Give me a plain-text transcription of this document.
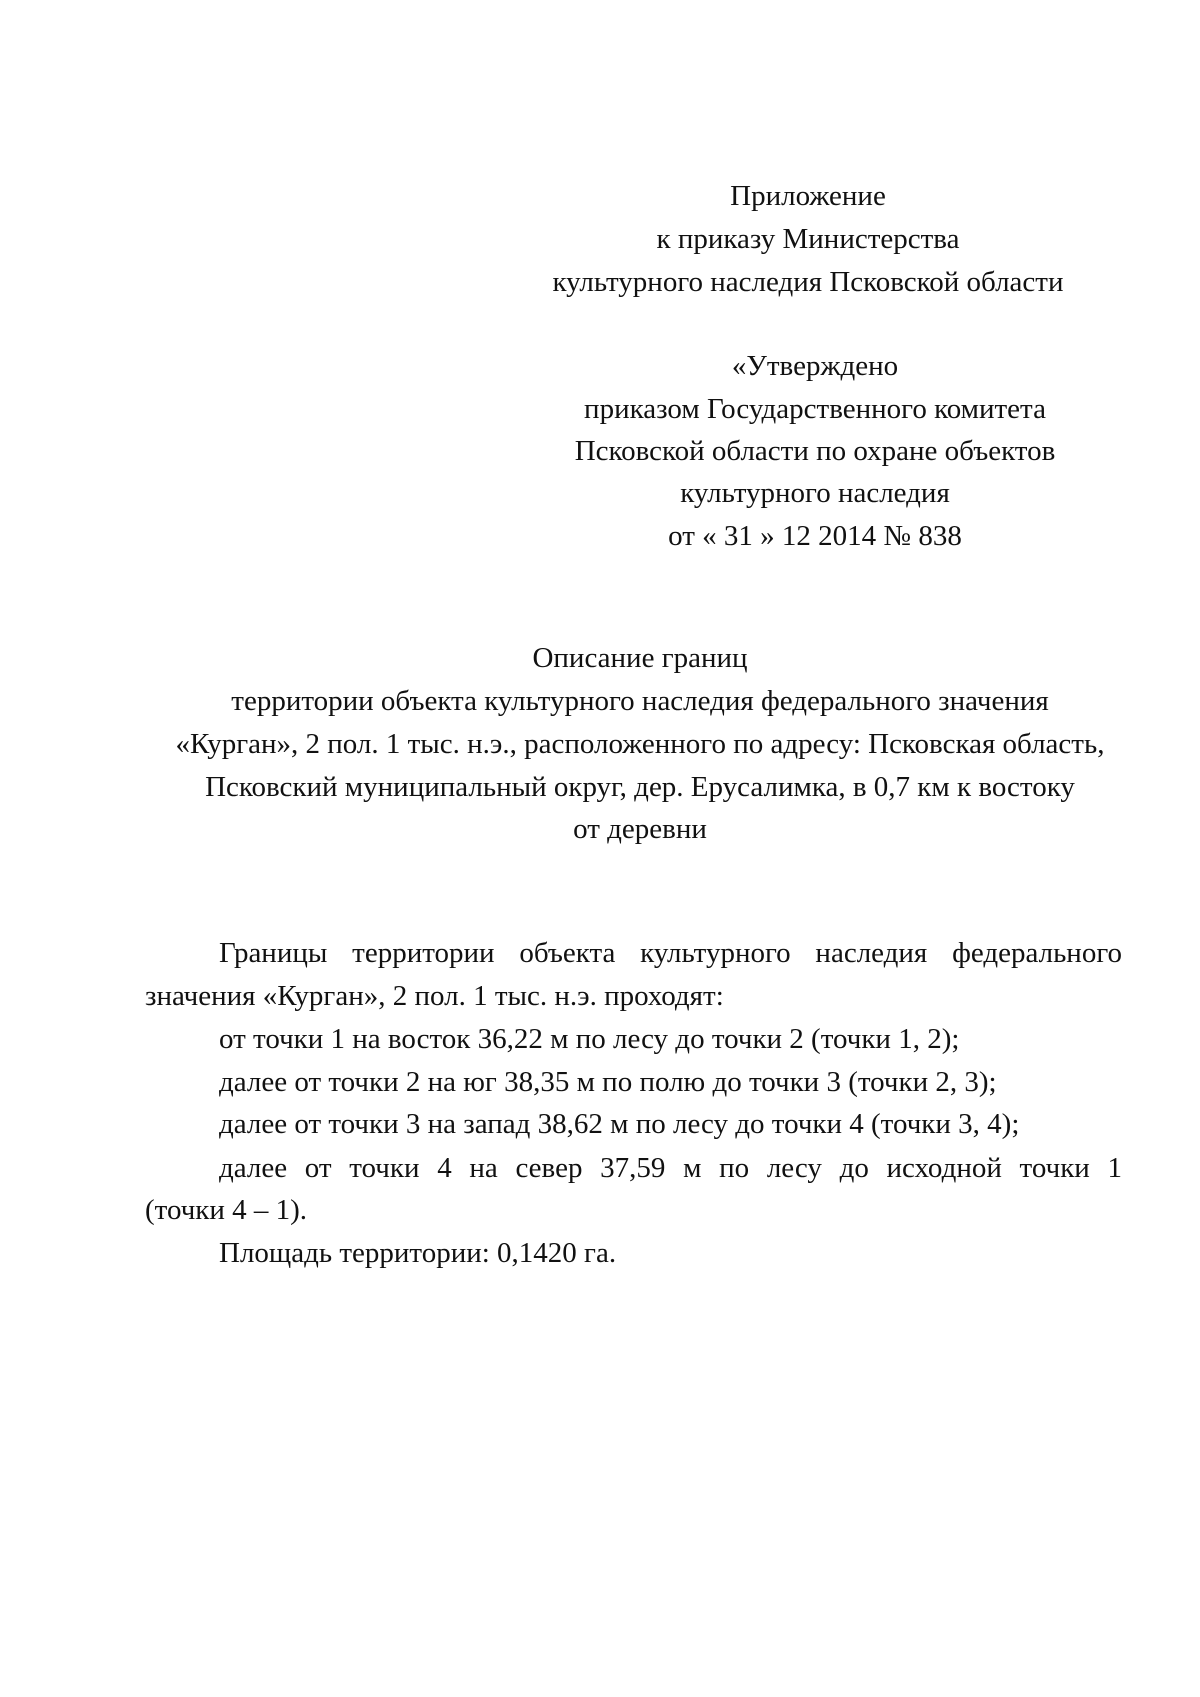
Приложение
к приказу Министерства
культурного наследия Псковской области
«Утверждено
приказом Государственного комитета
Псковской области по охране объектов
культурного наследия
от « 31 » 12 2014 № 838
Описание границ
территории объекта культурного наследия федерального значения
«Курган», 2 пол. 1 тыс. н.э., расположенного по адресу: Псковская область,
Псковский муниципальный округ, дер. Ерусалимка, в 0,7 км к востоку
от деревни
Границы территории объекта культурного наследия федерального
значения «Курган», 2 пол. 1 тыс. н.э. проходят:
от точки 1 на восток 36,22 м по лесу до точки 2 (точки 1, 2);
далее от точки 2 на юг 38,35 м по полю до точки 3 (точки 2, 3);
далее от точки 3 на запад 38,62 м по лесу до точки 4 (точки 3, 4);
далее от точки 4 на север 37,59 м по лесу до исходной точки 1
(точки 4 – 1).
Площадь территории: 0,1420 га.
